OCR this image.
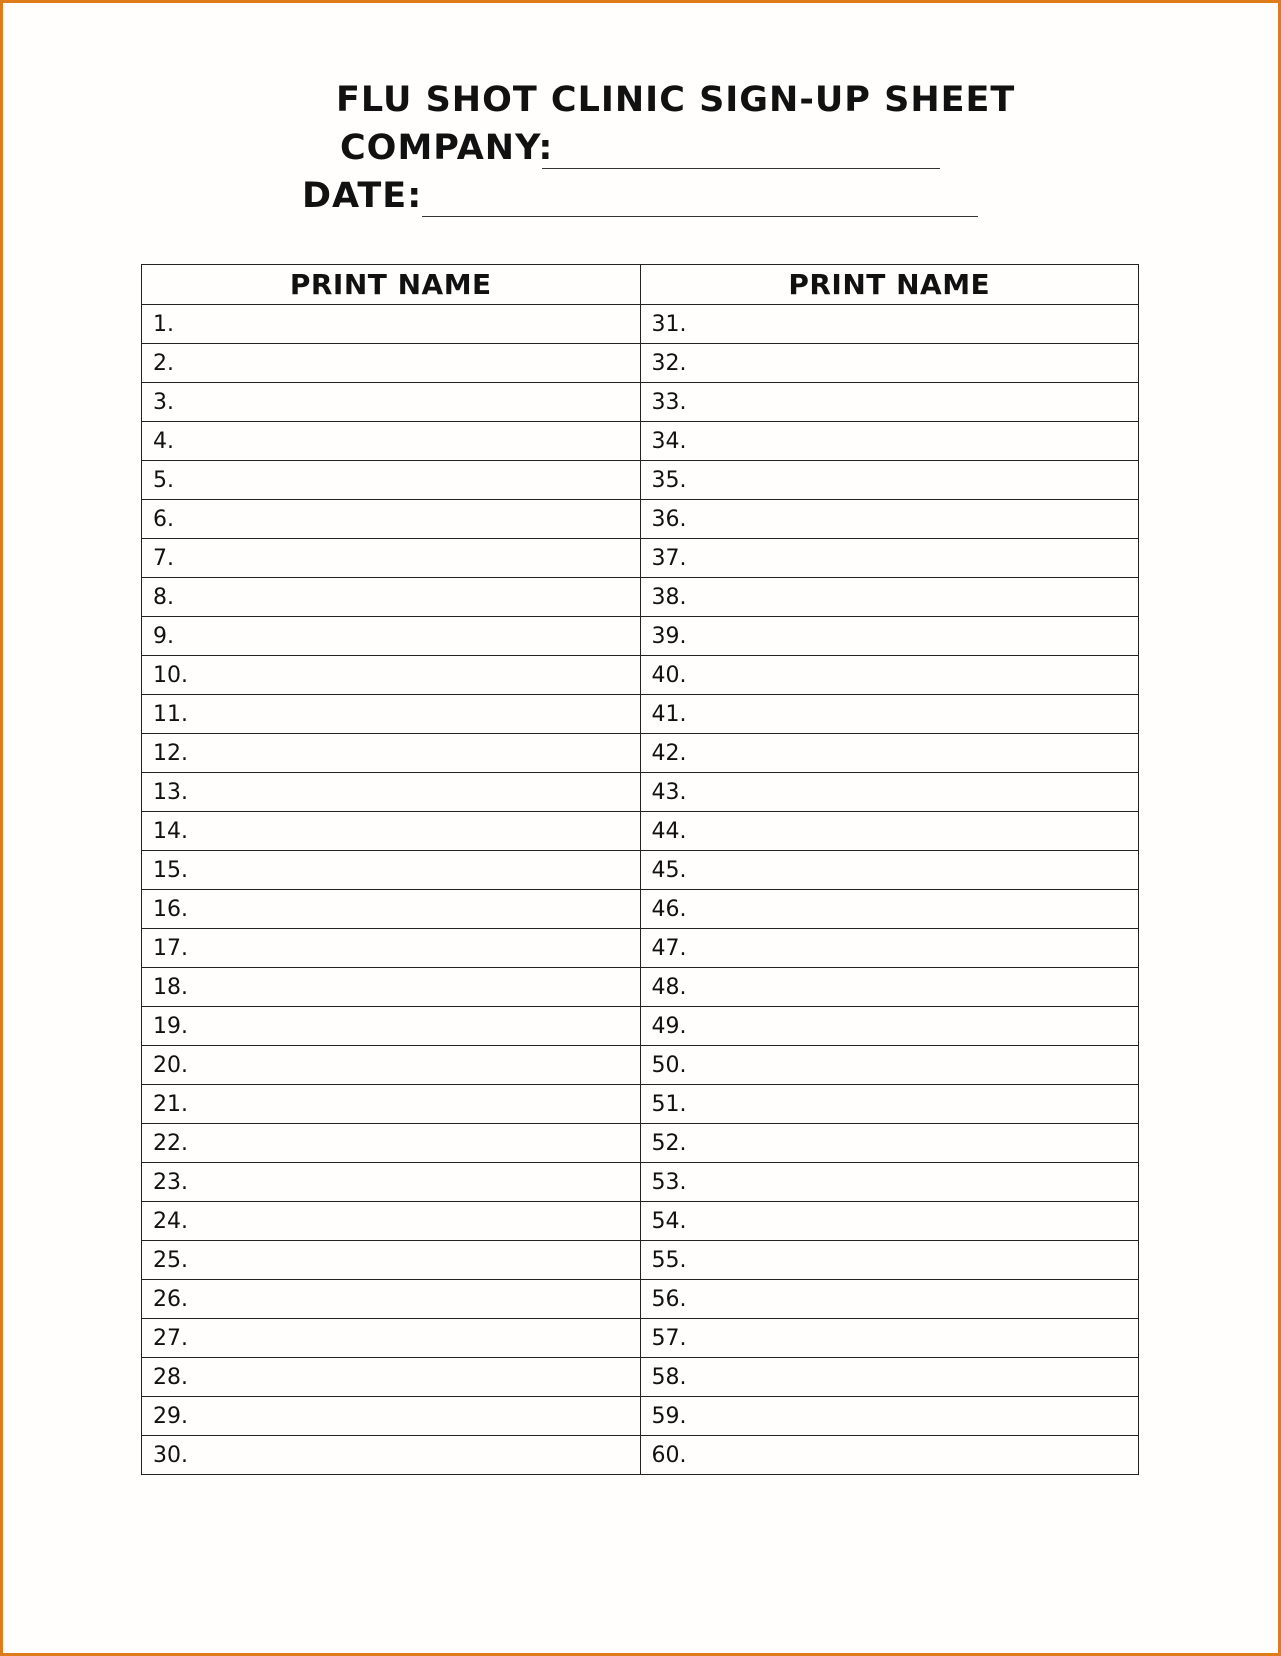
FLU SHOT CLINIC SIGN-UP SHEET
COMPANY:
DATE:
PRINT NAME	PRINT NAME
1.	31.
2.	32.
3.	33.
4.	34.
5.	35.
6.	36.
7.	37.
8.	38.
9.	39.
10.	40.
11.	41.
12.	42.
13.	43.
14.	44.
15.	45.
16.	46.
17.	47.
18.	48.
19.	49.
20.	50.
21.	51.
22.	52.
23.	53.
24.	54.
25.	55.
26.	56.
27.	57.
28.	58.
29.	59.
30.	60.
